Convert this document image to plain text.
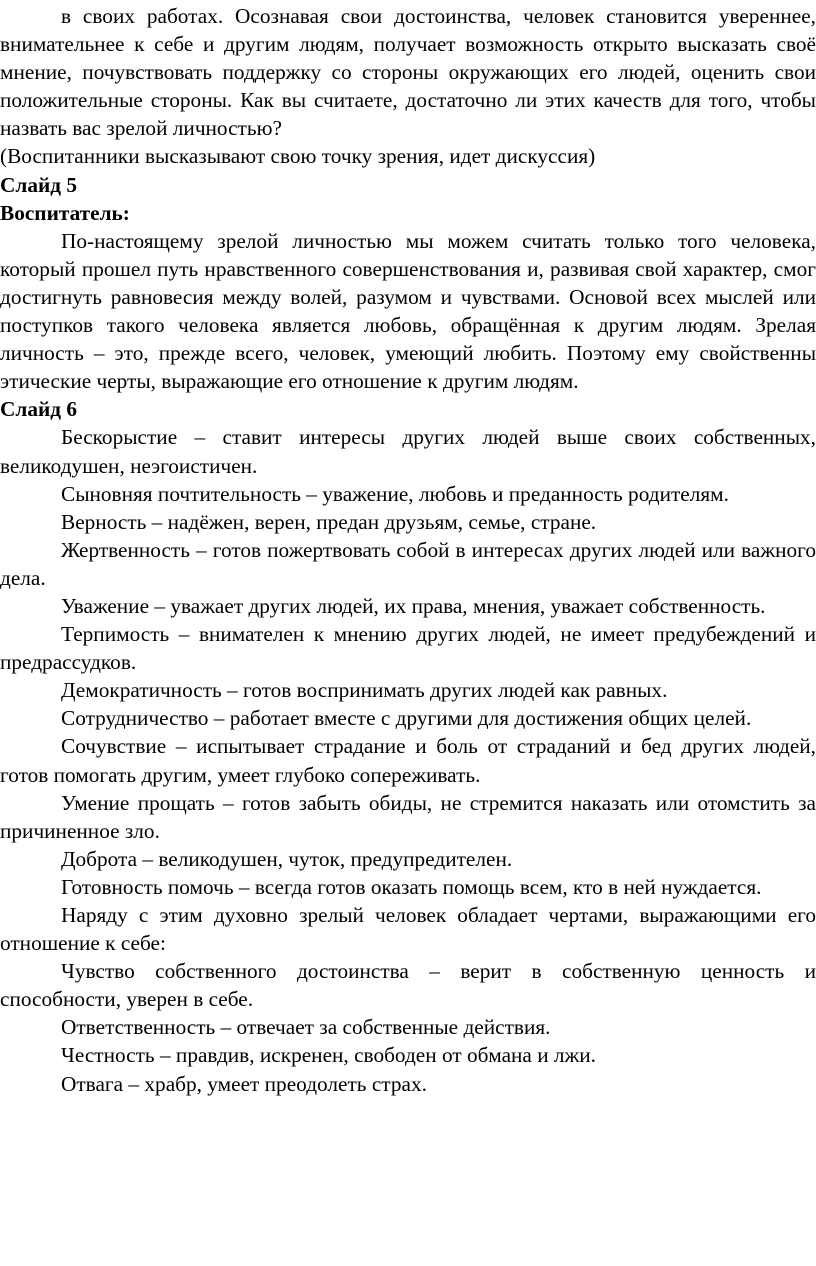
в своих работах. Осознавая свои достоинства, человек становится увереннее, внимательнее к себе и другим людям, получает возможность открыто высказать своё мнение, почувствовать поддержку со стороны окружающих его людей, оценить свои положительные стороны. Как вы считаете, достаточно ли этих качеств для того, чтобы назвать вас зрелой личностью?

(Воспитанники высказывают свою точку зрения, идет дискуссия)

Слайд 5

Воспитатель:

По-настоящему зрелой личностью мы можем считать только того человека, который прошел путь нравственного совершенствования и, развивая свой характер, смог достигнуть равновесия между волей, разумом и чувствами. Основой всех мыслей или поступков такого человека является любовь, обращённая к другим людям. Зрелая личность – это, прежде всего, человек, умеющий любить. Поэтому ему свойственны этические черты, выражающие его отношение к другим людям.

Слайд 6

Бескорыстие – ставит интересы других людей выше своих собственных, великодушен, неэгоистичен.

Сыновняя почтительность – уважение, любовь и преданность родителям.

Верность – надёжен, верен, предан друзьям, семье, стране.

Жертвенность – готов пожертвовать собой в интересах других людей или важного дела.

Уважение – уважает других людей, их права, мнения, уважает собственность.

Терпимость – внимателен к мнению других людей, не имеет предубеждений и предрассудков.

Демократичность – готов воспринимать других людей как равных.

Сотрудничество – работает вместе с другими для достижения общих целей.

Сочувствие – испытывает страдание и боль от страданий и бед других людей, готов помогать другим, умеет глубоко сопереживать.

Умение прощать – готов забыть обиды, не стремится наказать или отомстить за причиненное зло.

Доброта – великодушен, чуток, предупредителен.

Готовность помочь – всегда готов оказать помощь всем, кто в ней нуждается.

Наряду с этим духовно зрелый человек обладает чертами, выражающими его отношение к себе:

Чувство собственного достоинства – верит в собственную ценность и способности, уверен в себе.

Ответственность – отвечает за собственные действия.

Честность – правдив, искренен, свободен от обмана и лжи.

Отвага – храбр, умеет преодолеть страх.
